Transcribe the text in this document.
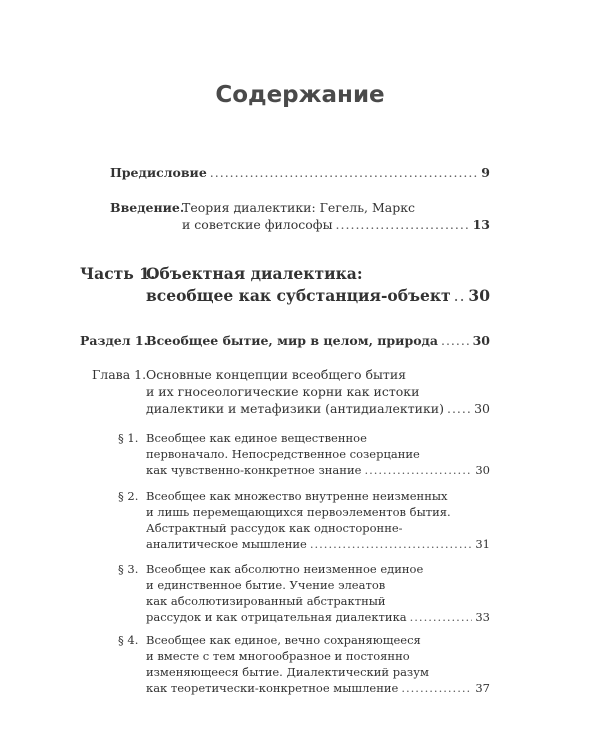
Содержание
Предисловие .....	9
Введение.
Теория диалектики: Гегель, Маркс
и советские философы .....	13
Часть 1.
Объектная диалектика:
всеобщее как субстанция-объект ..... 30
Раздел 1.
Всеобщее бытие, мир в целом, природа .....	30
Глава 1. Основные концепции всеобщего бытия
и их гносеологические корни как истоки
диалектики и метафизики (антидиалектики) ..... 30
§ 1. Всеобщее как единое вещественное
первоначало. Непосредственное созерцание
как чувственно-конкретное знание .....	30
§ 2. Всеобщее как множество внутренне неизменных
и лишь перемещающихся первоэлементов бытия.
Абстрактный рассудок как односторонне-
аналитическое мышление .....	31
§ 3. Всеобщее как абсолютно неизменное единое
и единственное бытие. Учение элеатов
как абсолютизированный абстрактный
рассудок и как отрицательная диалектика .....	33
§ 4. Всеобщее как единое, вечно сохраняющееся
и вместе с тем многообразное и постоянно
изменяющееся бытие. Диалектический разум
как теоретически-конкретное мышление .....	37
